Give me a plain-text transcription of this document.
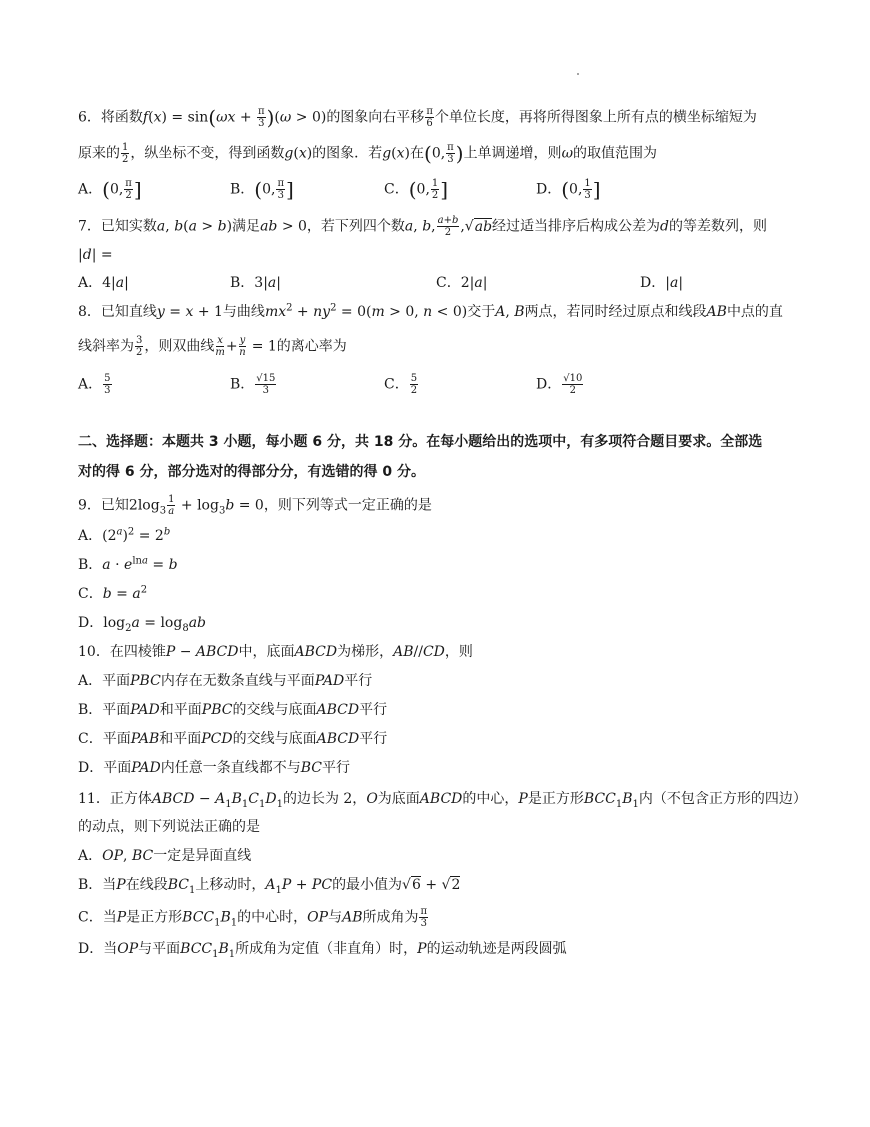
6．将函数$f(x) = \sin(\omega x + \frac{\pi}{3} )(\omega > 0)$的图象向右平移 $\frac{\pi}{6}$ 个单位长度，再将所得图象上所有点的横坐标缩短为
原来的 $\frac{1}{2}$ ，纵坐标不变，得到函数g(x)的图象．若g(x)在(0, $\frac{\pi}{3}$ )上单调递增，则ω的取值范围为
A．(0, $\frac{\pi}{2}$ ]	B．(0, $\frac{\pi}{3}$ ]	C．(0, $\frac{1}{2}$ ]	D．(0, $\frac{1}{3}$ ]
7．已知实数a, b(a > b)满足ab > 0，若下列四个数a, b, $\frac{a+b}{2} ,√ab$经过适当排序后构成公差为d的等差数列，则
|d| =
A．4|a|	B．3|a|	C．2|a|	D．|a|
8．已知直线y = x + 1与曲线$mx^2 + ny^2 = 0(m > 0$, n < 0)交于A, B两点，若同时经过原点和线段AB中点的直
线斜率为 $\frac{3}{2}$ ，则双曲线 $\frac{x}{m} + \frac{y}{n} = 1$的离心率为
A． $\frac{5}{3}$	B． $\frac{√15}{3}$	C． $\frac{5}{2}$	D． $\frac{√10}{2}$
二、选择题：本题共 3 小题，每小题 6 分，共 18 分。在每小题给出的选项中，有多项符合题目要求。全部选
对的得 6 分，部分选对的得部分分，有选错的得 0 分。
9．已知$2\log_3 \frac{1}{a} + \log_3b = 0$，则下列等式一定正确的是
A．$(2^a)^2 = 2^b$
B．$a \cdot e^{lna} = b$
C．$b = a^2$
D．$\log_2a = \log_8ab$
10．在四棱锥P − ABCD中，底面ABCD为梯形，AB//CD，则
A．平面PBC内存在无数条直线与平面PAD平行
B．平面PAD和平面PBC的交线与底面ABCD平行
C．平面PAB和平面PCD的交线与底面ABCD平行
D．平面PAD内任意一条直线都不与BC平行
11．正方体ABCD − $A_1B_1C_1D_1$的边长为 2，O为底面ABCD的中心，P是正方形$BCC_1B_1$内（不包含正方形的四边）
的动点，则下列说法正确的是
A．OP, BC一定是异面直线
B．当P在线段$BC_1$上移动时，$A_1P$ + PC的最小值为√6 + √2
C．当P是正方形$BCC_1B_1$的中心时，OP与AB所成角为 $\frac{\pi}{3}$
D．当OP与平面$BCC_1B_1$所成角为定值（非直角）时，P的运动轨迹是两段圆弧
